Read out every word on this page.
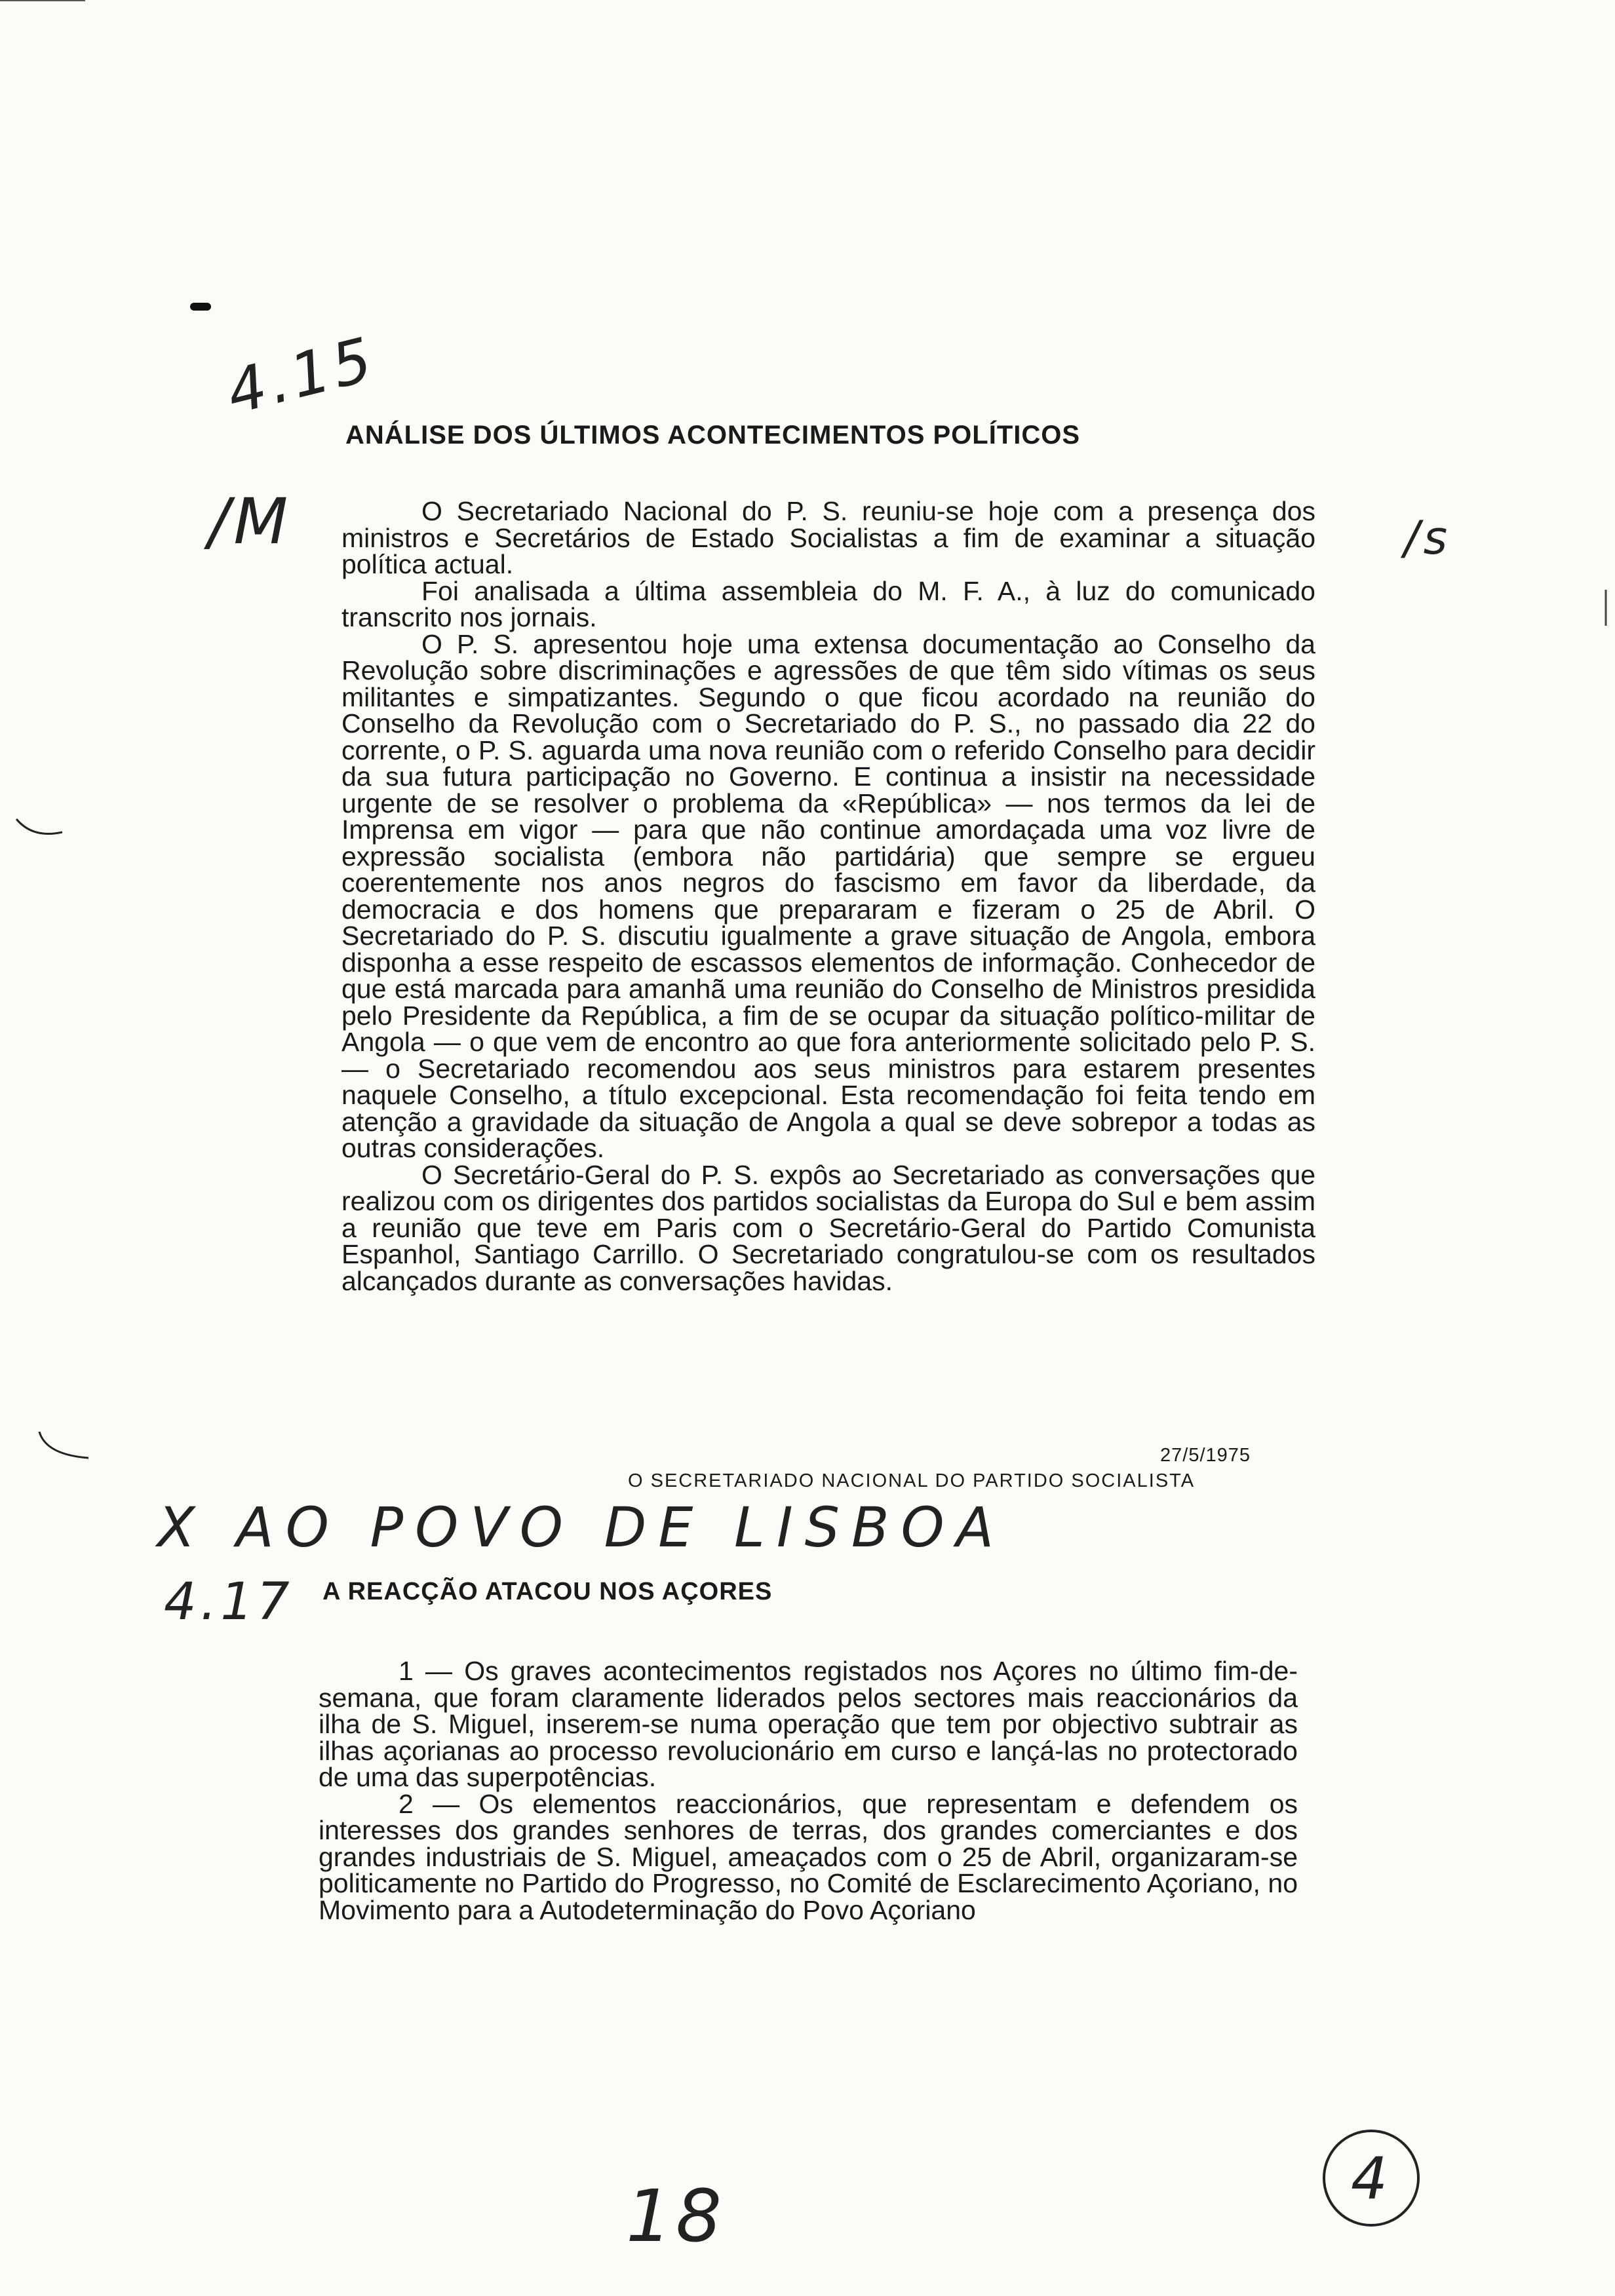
4.15
/M	/s
ANÁLISE DOS ÚLTIMOS ACONTECIMENTOS POLÍTICOS

O Secretariado Nacional do P. S. reuniu-se hoje com a presença dos ministros e Secretários de Estado Socialistas a fim de examinar a situação política actual.

Foi analisada a última assembleia do M. F. A., à luz do comunicado transcrito nos jornais.

O P. S. apresentou hoje uma extensa documentação ao Conselho da Revolução sobre discriminações e agressões de que têm sido vítimas os seus militantes e simpatizantes. Segundo o que ficou acordado na reunião do Conselho da Revolução com o Secretariado do P. S., no passado dia 22 do corrente, o P. S. aguarda uma nova reunião com o referido Conselho para decidir da sua futura participação no Governo. E continua a insistir na necessidade urgente de se resolver o problema da «República» — nos termos da lei de Imprensa em vigor — para que não continue amordaçada uma voz livre de expressão socialista (embora não partidária) que sempre se ergueu coerentemente nos anos negros do fascismo em favor da liberdade, da democracia e dos homens que prepararam e fizeram o 25 de Abril. O Secretariado do P. S. discutiu igualmente a grave situação de Angola, embora disponha a esse respeito de escassos elementos de informação. Conhecedor de que está marcada para amanhã uma reunião do Conselho de Ministros presidida pelo Presidente da República, a fim de se ocupar da situação político-militar de Angola — o que vem de encontro ao que fora anteriormente solicitado pelo P. S. — o Secretariado recomendou aos seus ministros para estarem presentes naquele Conselho, a título excepcional. Esta recomendação foi feita tendo em atenção a gravidade da situação de Angola a qual se deve sobrepor a todas as outras considerações.

O Secretário-Geral do P. S. expôs ao Secretariado as conversações que realizou com os dirigentes dos partidos socialistas da Europa do Sul e bem assim a reunião que teve em Paris com o Secretário-Geral do Partido Comunista Espanhol, Santiago Carrillo. O Secretariado congratulou-se com os resultados alcançados durante as conversações havidas.

27/5/1975
O SECRETARIADO NACIONAL DO PARTIDO SOCIALISTA
X AO POVO DE LISBOA
4.17 A REACÇÃO ATACOU NOS AÇORES

1 — Os graves acontecimentos registados nos Açores no último fim-de-semana, que foram claramente liderados pelos sectores mais reaccionários da ilha de S. Miguel, inserem-se numa operação que tem por objectivo subtrair as ilhas açorianas ao processo revolucionário em curso e lançá-las no protectorado de uma das superpotências.

2 — Os elementos reaccionários, que representam e defendem os interesses dos grandes senhores de terras, dos grandes comerciantes e dos grandes industriais de S. Miguel, ameaçados com o 25 de Abril, organizaram-se politicamente no Partido do Progresso, no Comité de Esclarecimento Açoriano, no Movimento para a Autodeterminação do Povo Açoriano

18	4
